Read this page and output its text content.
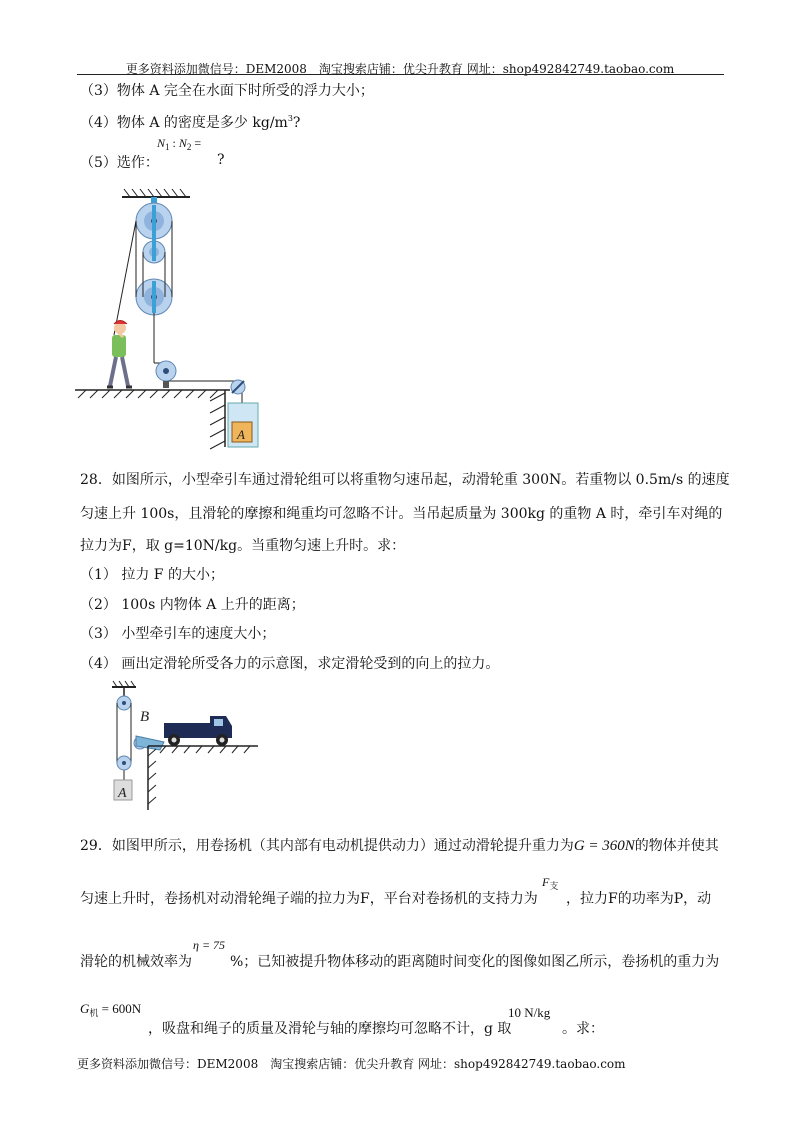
更多资料添加微信号：DEM2008　淘宝搜索店铺：优尖升教育 网址：shop492842749.taobao.com
（3）物体 A 完全在水面下时所受的浮力大小；
（4）物体 A 的密度是多少 $kg/m^3$?
（5）选作：
$N_1$ : $N_2$ =
?
A
28．如图所示，小型牵引车通过滑轮组可以将重物匀速吊起，动滑轮重 300N。若重物以 0.5m/s 的速度
匀速上升 100s，且滑轮的摩擦和绳重均可忽略不计。当吊起质量为 300kg 的重物 A 时，牵引车对绳的
拉力为F，取 g=10N/kg。当重物匀速上升时。求：
（1） 拉力 F 的大小；
（2） 100s 内物体 A 上升的距离；
（3） 小型牵引车的速度大小；
（4） 画出定滑轮所受各力的示意图，求定滑轮受到的向上的拉力。
A
B
29．如图甲所示，用卷扬机（其内部有电动机提供动力）通过动滑轮提升重力为G = 360N的物体并使其
匀速上升时，卷扬机对动滑轮绳子端的拉力为F，平台对卷扬机的支持力为
$F_支$
，拉力F的功率为P，动
滑轮的机械效率为
η = 75
%；已知被提升物体移动的距离随时间变化的图像如图乙所示，卷扬机的重力为
$G_机 = 600N$
，吸盘和绳子的质量及滑轮与轴的摩擦均可忽略不计，g 取
10 N/kg
。求：
更多资料添加微信号：DEM2008　淘宝搜索店铺：优尖升教育 网址：shop492842749.taobao.com
